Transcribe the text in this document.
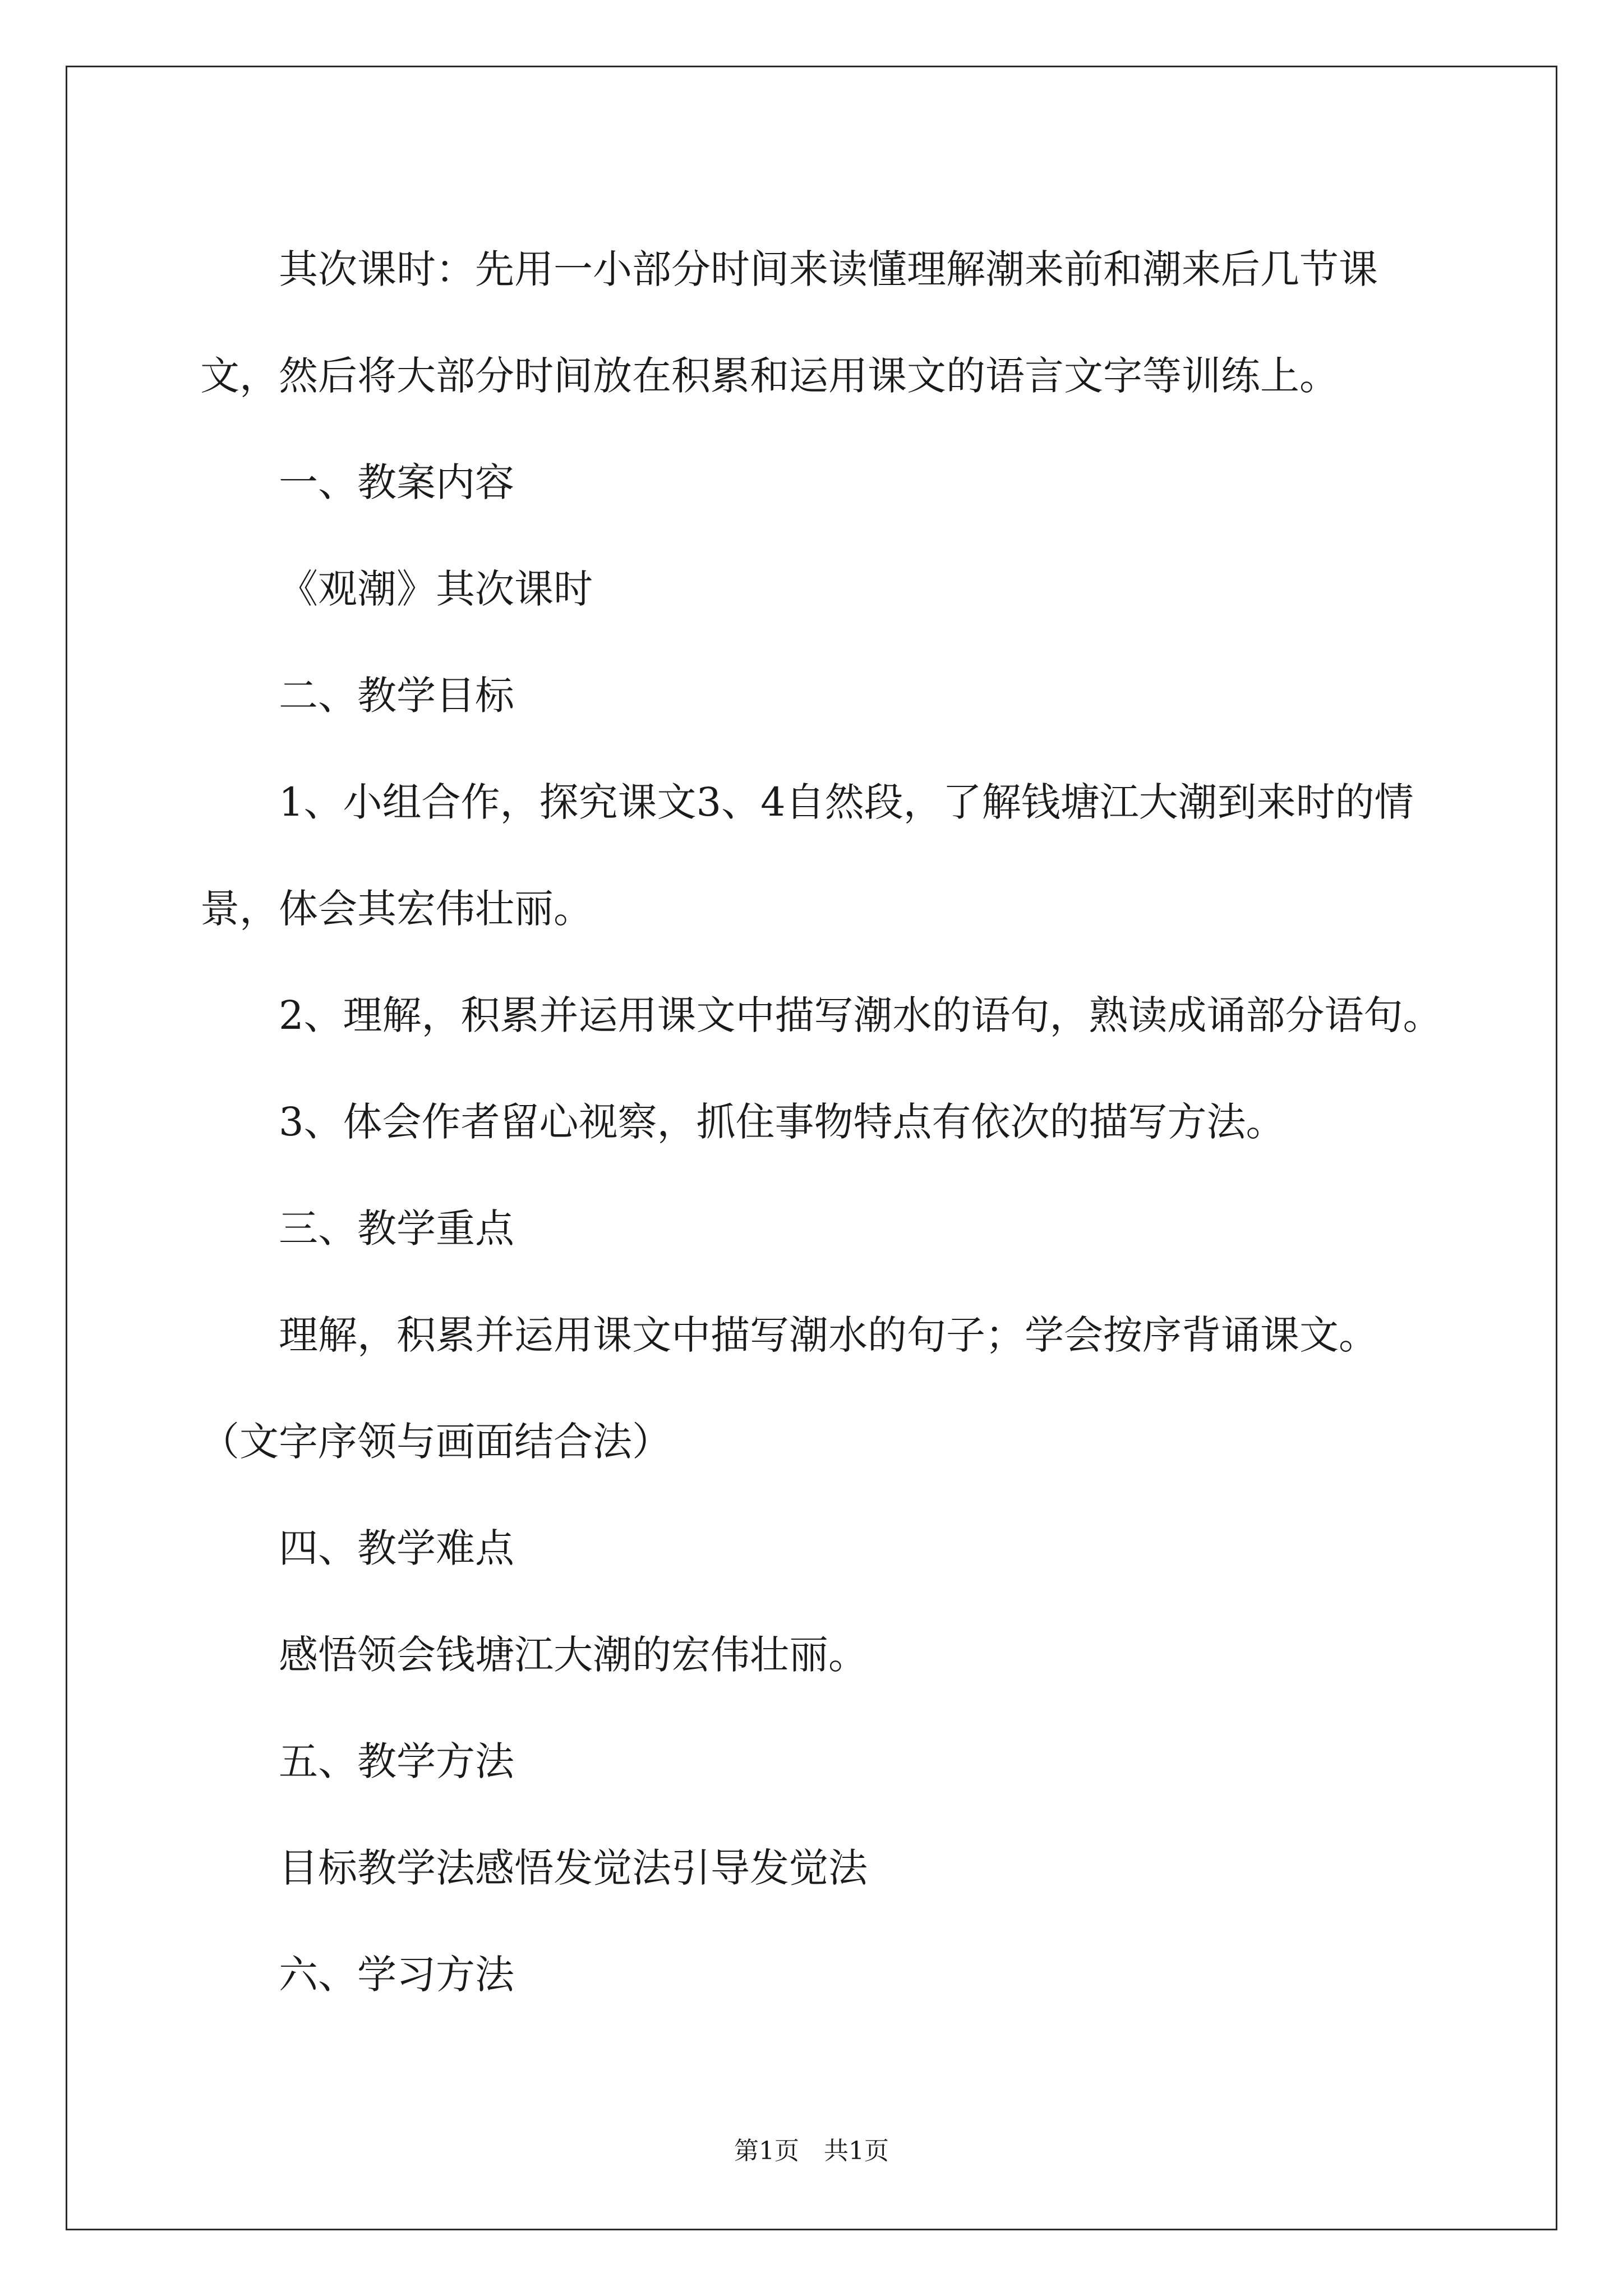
其次课时：先用一小部分时间来读懂理解潮来前和潮来后几节课文，然后将大部分时间放在积累和运用课文的语言文字等训练上。

一、教案内容

《观潮》其次课时

二、教学目标

1、小组合作，探究课文3、4自然段，了解钱塘江大潮到来时的情景，体会其宏伟壮丽。

2、理解，积累并运用课文中描写潮水的语句，熟读成诵部分语句。

3、体会作者留心视察，抓住事物特点有依次的描写方法。

三、教学重点

理解，积累并运用课文中描写潮水的句子；学会按序背诵课文。（文字序领与画面结合法）

四、教学难点

感悟领会钱塘江大潮的宏伟壮丽。

五、教学方法

目标教学法感悟发觉法引导发觉法

六、学习方法

第1页 共1页
